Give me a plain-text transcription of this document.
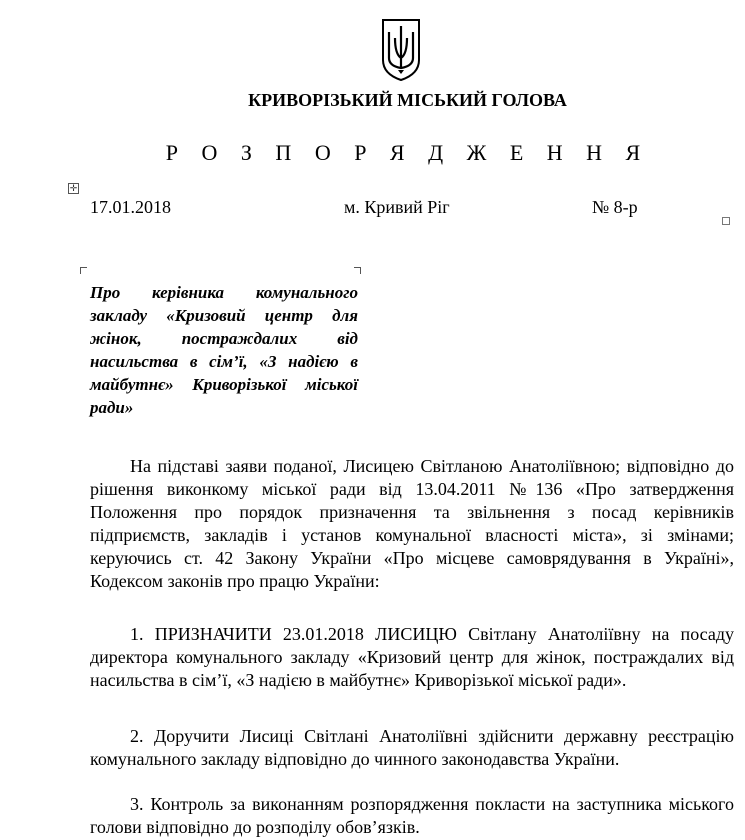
КРИВОРІЗЬКИЙ МІСЬКИЙ ГОЛОВА
Р О З П О Р Я Д Ж Е Н Н Я
✛
17.01.2018	м. Кривий Ріг	№ 8-р
Про керівника комунального закладу «Кризовий центр для жінок, постраждалих від насильства в сім’ї, «З надією в майбутнє» Криворізької міської ради»
На підставі заяви поданої, Лисицею Світланою Анатоліївною; відповідно до рішення виконкому міської ради від 13.04.2011 №136 «Про затвердження Положення про порядок призначення та звільнення з посад керівників підприємств, закладів і установ комунальної власності міста», зі змінами; керуючись ст. 42 Закону України «Про місцеве самоврядування в Україні», Кодексом законів про працю України:
1. ПРИЗНАЧИТИ 23.01.2018 ЛИСИЦЮ Світлану Анатоліївну на посаду директора комунального закладу «Кризовий центр для жінок, постраждалих від насильства в сім’ї, «З надією в майбутнє» Криворізької міської ради».
2. Доручити Лисиці Світлані Анатоліївні здійснити державну реєстрацію комунального закладу відповідно до чинного законодавства України.
3. Контроль за виконанням розпорядження покласти на заступника міського голови відповідно до розподілу обов’язків.
